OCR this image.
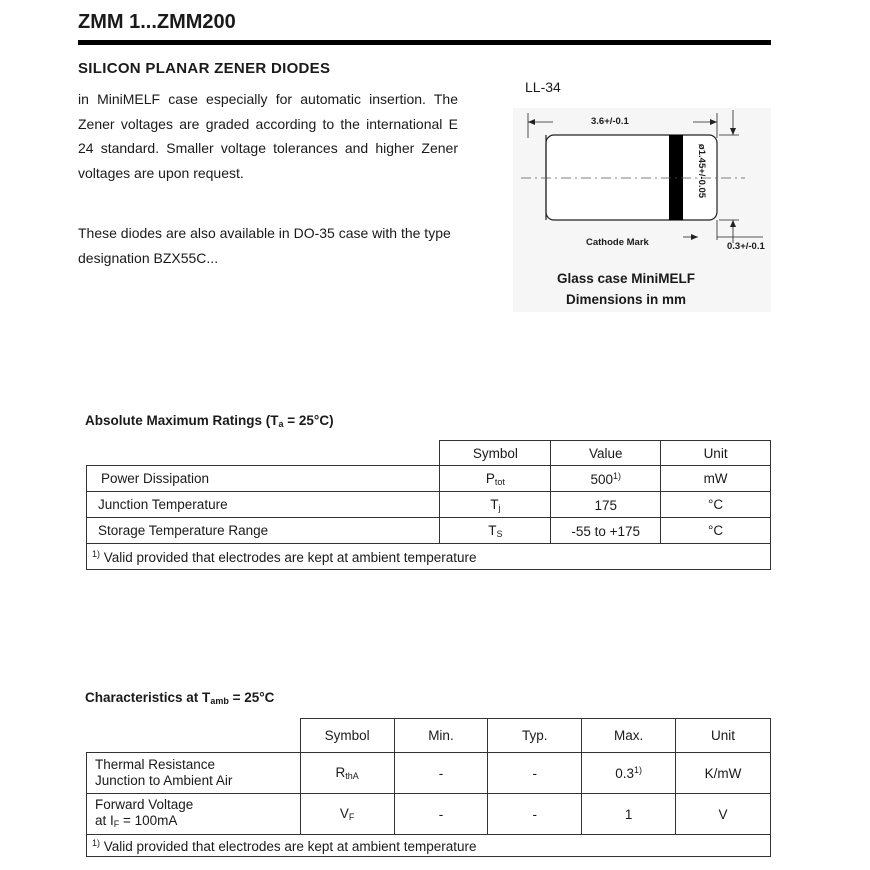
ZMM 1...ZMM200
SILICON PLANAR ZENER DIODES
in MiniMELF case especially for automatic insertion. The Zener voltages are graded according to the international E 24 standard. Smaller voltage tolerances and higher Zener voltages are upon request.
These diodes are also available in DO-35 case with the type designation BZX55C...
LL-34
3.6+/-0.1
ø1.45+/-0.05
0.3+/-0.1
Cathode Mark
Glass case MiniMELF
Dimensions in mm
Absolute Maximum Ratings $(T_a = 25^\circ C)$
	Symbol	Value	Unit
Power Dissipation	$P_{tot}$	500$^{1)}$	mW
Junction Temperature	$T_j$	175	°C
Storage Temperature Range	$T_S$	-55 to +175	°C
$^{1)}$ Valid provided that electrodes are kept at ambient temperature			
Characteristics at $T_{amb} = 25^\circ C$
	Symbol	Min.	Typ.	Max.	Unit

Thermal Resistance
Junction to Ambient Air	$R_{thA}$	-	-	0.3$^{1)}$	K/mW

Forward Voltage
at $I_F = 100mA$	$V_F$	-	-	1	V
$^{1)}$ Valid provided that electrodes are kept at ambient temperature					
